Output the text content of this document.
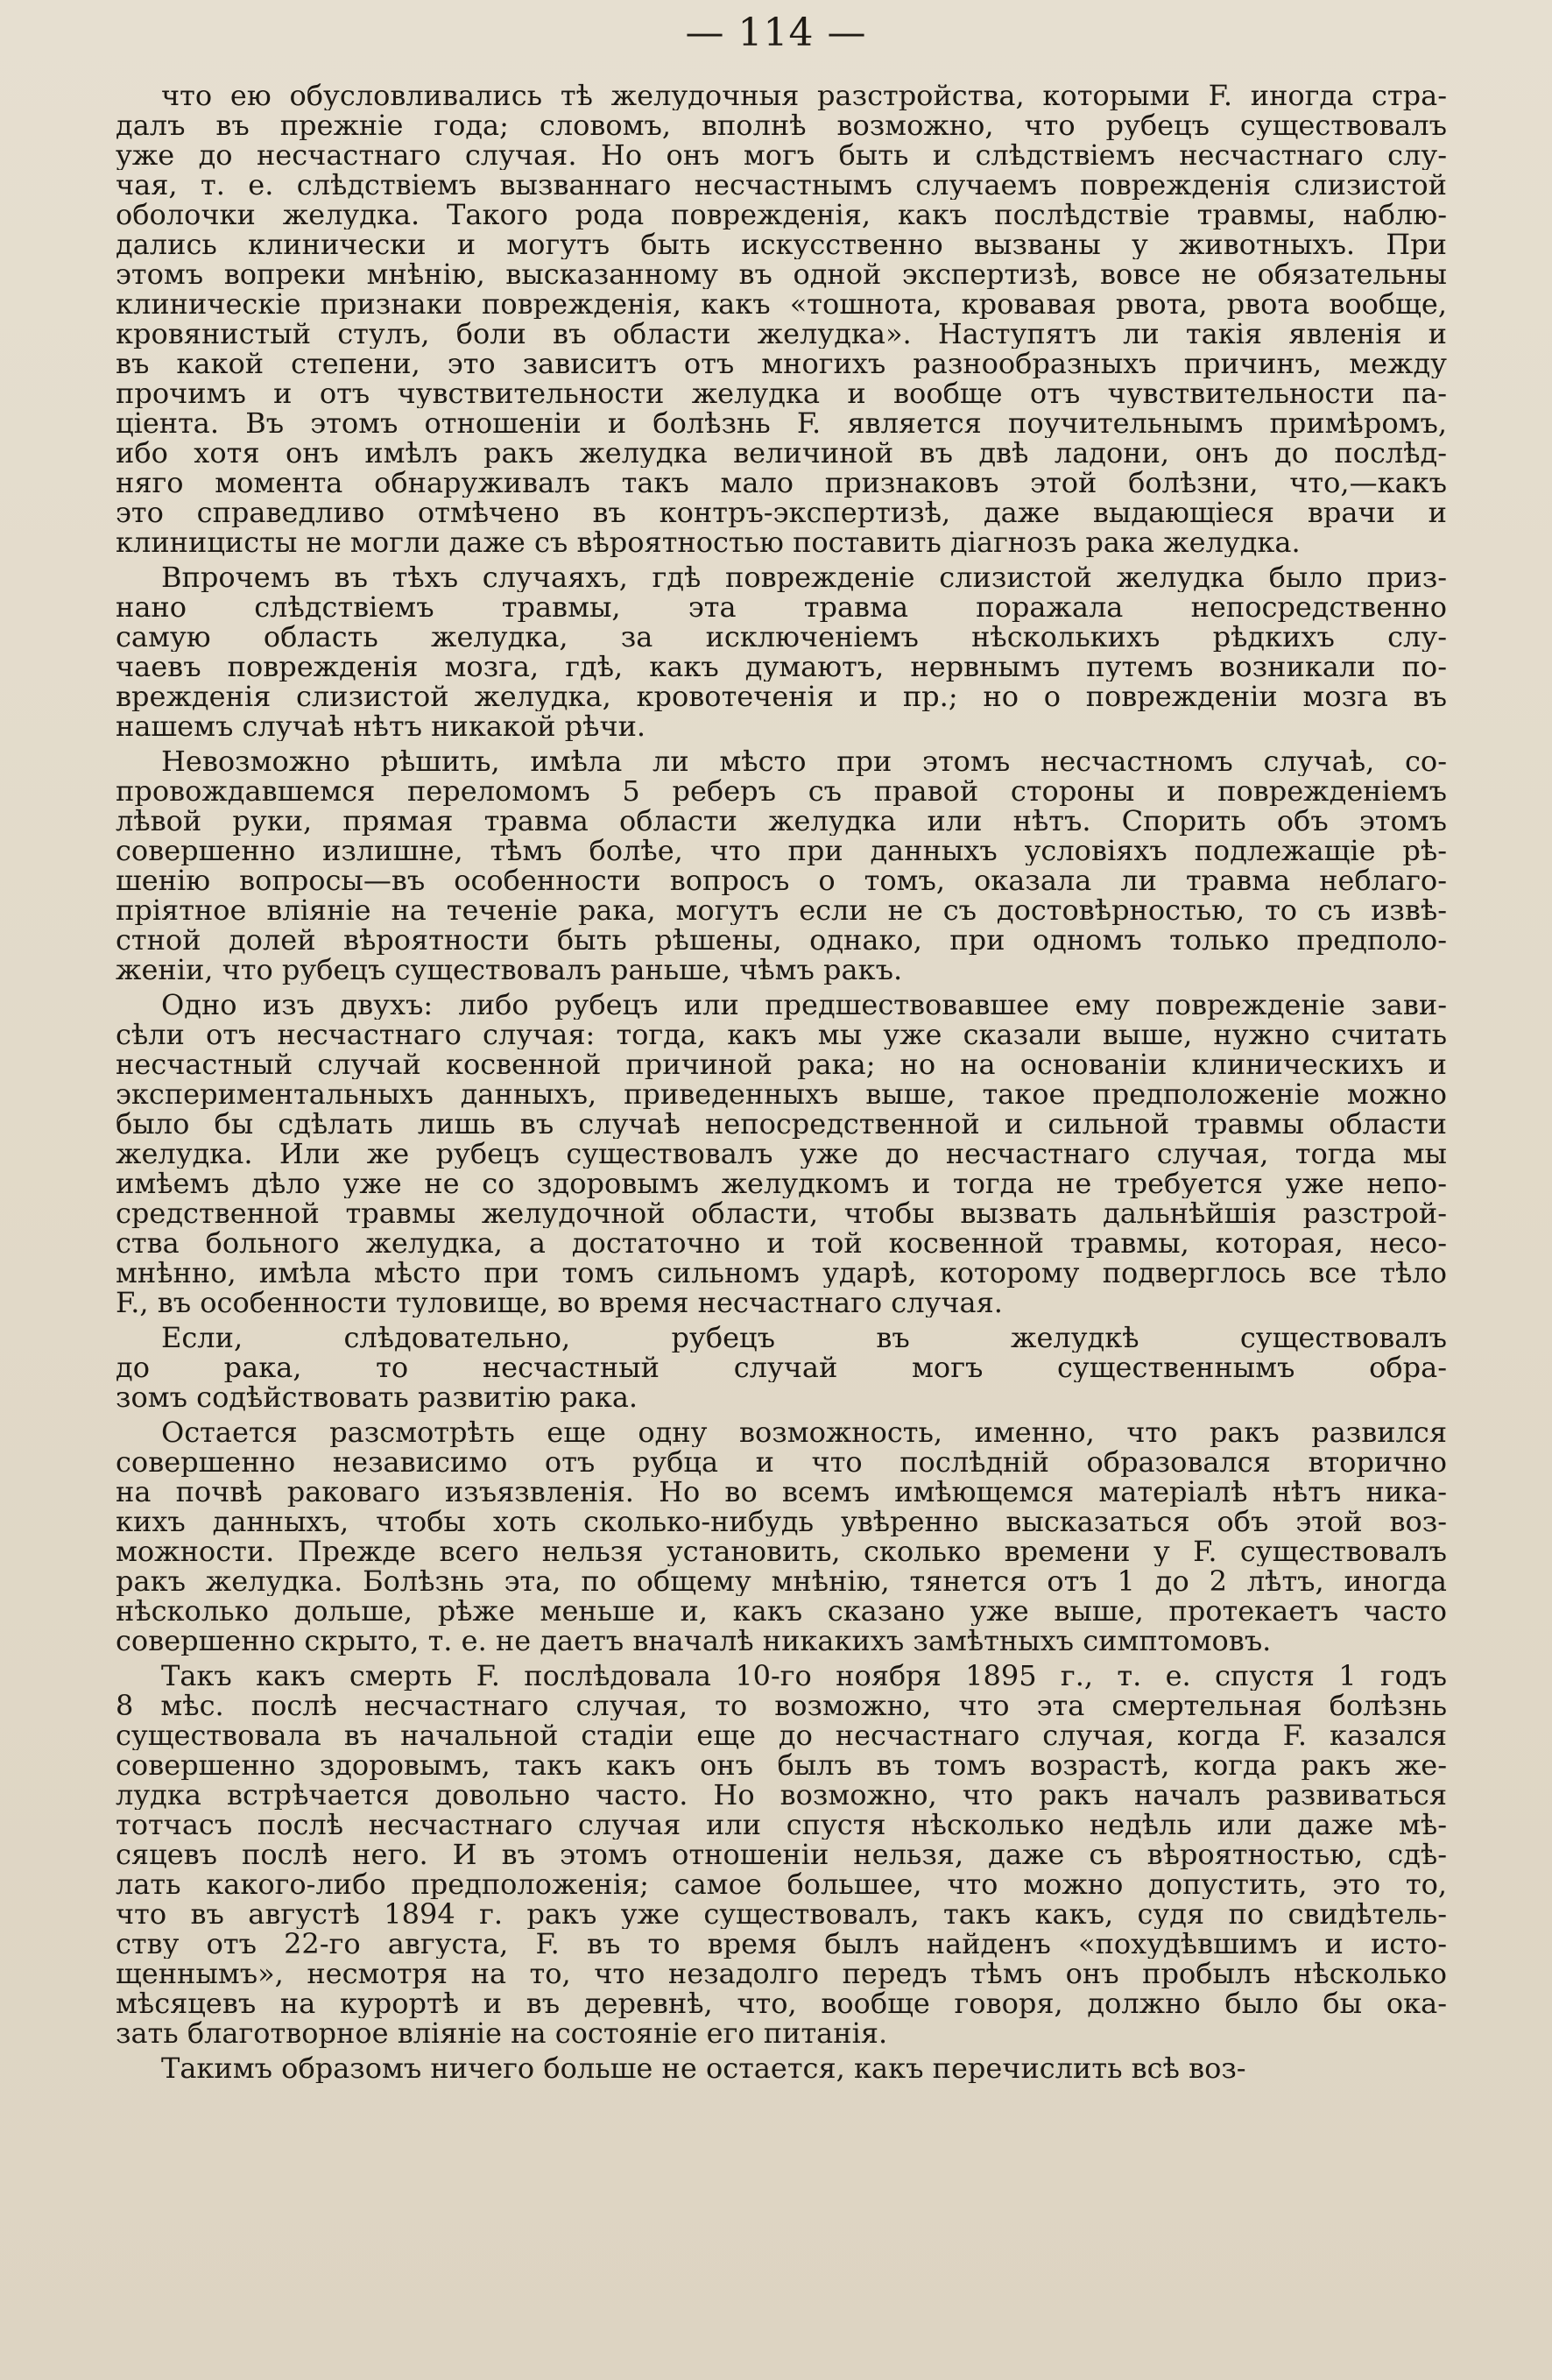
— 114 —
что ею обусловливались тѣ желудочныя разстройства, которыми F. иногда стра-
далъ въ прежніе года; словомъ, вполнѣ возможно, что рубецъ существовалъ
уже до несчастнаго случая. Но онъ могъ быть и слѣдствіемъ несчастнаго слу-
чая, т. е. слѣдствіемъ вызваннаго несчастнымъ случаемъ поврежденія слизистой
оболочки желудка. Такого рода поврежденія, какъ послѣдствіе травмы, наблю-
дались клинически и могутъ быть искусственно вызваны у животныхъ. При
этомъ вопреки мнѣнію, высказанному въ одной экспертизѣ, вовсе не обязательны
клиническіе признаки поврежденія, какъ «тошнота, кровавая рвота, рвота вообще,
кровянистый стулъ, боли въ области желудка». Наступятъ ли такія явленія и
въ какой степени, это зависитъ отъ многихъ разнообразныхъ причинъ, между
прочимъ и отъ чувствительности желудка и вообще отъ чувствительности па-
ціента. Въ этомъ отношеніи и болѣзнь F. является поучительнымъ примѣромъ,
ибо хотя онъ имѣлъ ракъ желудка величиной въ двѣ ладони, онъ до послѣд-
няго момента обнаруживалъ такъ мало признаковъ этой болѣзни, что,—какъ
это справедливо отмѣчено въ контръ-экспертизѣ, даже выдающіеся врачи и
клиницисты не могли даже съ вѣроятностью поставить діагнозъ рака желудка.
Впрочемъ въ тѣхъ случаяхъ, гдѣ поврежденіе слизистой желудка было приз-
нано слѣдствіемъ травмы, эта травма поражала непосредственно
самую область желудка, за исключеніемъ нѣсколькихъ рѣдкихъ слу-
чаевъ поврежденія мозга, гдѣ, какъ думаютъ, нервнымъ путемъ возникали по-
врежденія слизистой желудка, кровотеченія и пр.; но о поврежденіи мозга въ
нашемъ случаѣ нѣтъ никакой рѣчи.
Невозможно рѣшить, имѣла ли мѣсто при этомъ несчастномъ случаѣ, со-
провождавшемся переломомъ 5 реберъ съ правой стороны и поврежденіемъ
лѣвой руки, прямая травма области желудка или нѣтъ. Спорить объ этомъ
совершенно излишне, тѣмъ болѣе, что при данныхъ условіяхъ подлежащіе рѣ-
шенію вопросы—въ особенности вопросъ о томъ, оказала ли травма неблаго-
пріятное вліяніе на теченіе рака, могутъ если не съ достовѣрностью, то съ извѣ-
стной долей вѣроятности быть рѣшены, однако, при одномъ только предполо-
женіи, что рубецъ существовалъ раньше, чѣмъ ракъ.
Одно изъ двухъ: либо рубецъ или предшествовавшее ему поврежденіе зави-
сѣли отъ несчастнаго случая: тогда, какъ мы уже сказали выше, нужно считать
несчастный случай косвенной причиной рака; но на основаніи клиническихъ и
экспериментальныхъ данныхъ, приведенныхъ выше, такое предположеніе можно
было бы сдѣлать лишь въ случаѣ непосредственной и сильной травмы области
желудка. Или же рубецъ существовалъ уже до несчастнаго случая, тогда мы
имѣемъ дѣло уже не со здоровымъ желудкомъ и тогда не требуется уже непо-
средственной травмы желудочной области, чтобы вызвать дальнѣйшія разстрой-
ства больного желудка, а достаточно и той косвенной травмы, которая, несо-
мнѣнно, имѣла мѣсто при томъ сильномъ ударѣ, которому подверглось все тѣло
F., въ особенности туловище, во время несчастнаго случая.
Если, слѣдовательно, рубецъ въ желудкѣ существовалъ
до рака, то несчастный случай могъ существеннымъ обра-
зомъ содѣйствовать развитію рака.
Остается разсмотрѣть еще одну возможность, именно, что ракъ развился
совершенно независимо отъ рубца и что послѣдній образовался вторично
на почвѣ раковаго изъязвленія. Но во всемъ имѣющемся матеріалѣ нѣтъ ника-
кихъ данныхъ, чтобы хоть сколько-нибудь увѣренно высказаться объ этой воз-
можности. Прежде всего нельзя установить, сколько времени у F. существовалъ
ракъ желудка. Болѣзнь эта, по общему мнѣнію, тянется отъ 1 до 2 лѣтъ, иногда
нѣсколько дольше, рѣже меньше и, какъ сказано уже выше, протекаетъ часто
совершенно скрыто, т. е. не даетъ вначалѣ никакихъ замѣтныхъ симптомовъ.
Такъ какъ смерть F. послѣдовала 10-го ноября 1895 г., т. е. спустя 1 годъ
8 мѣс. послѣ несчастнаго случая, то возможно, что эта смертельная болѣзнь
существовала въ начальной стадіи еще до несчастнаго случая, когда F. казался
совершенно здоровымъ, такъ какъ онъ былъ въ томъ возрастѣ, когда ракъ же-
лудка встрѣчается довольно часто. Но возможно, что ракъ началъ развиваться
тотчасъ послѣ несчастнаго случая или спустя нѣсколько недѣль или даже мѣ-
сяцевъ послѣ него. И въ этомъ отношеніи нельзя, даже съ вѣроятностью, сдѣ-
лать какого-либо предположенія; самое большее, что можно допустить, это то,
что въ августѣ 1894 г. ракъ уже существовалъ, такъ какъ, судя по свидѣтель-
ству отъ 22-го августа, F. въ то время былъ найденъ «похудѣвшимъ и исто-
щеннымъ», несмотря на то, что незадолго передъ тѣмъ онъ пробылъ нѣсколько
мѣсяцевъ на курортѣ и въ деревнѣ, что, вообще говоря, должно было бы ока-
зать благотворное вліяніе на состояніе его питанія.
Такимъ образомъ ничего больше не остается, какъ перечислить всѣ воз-
